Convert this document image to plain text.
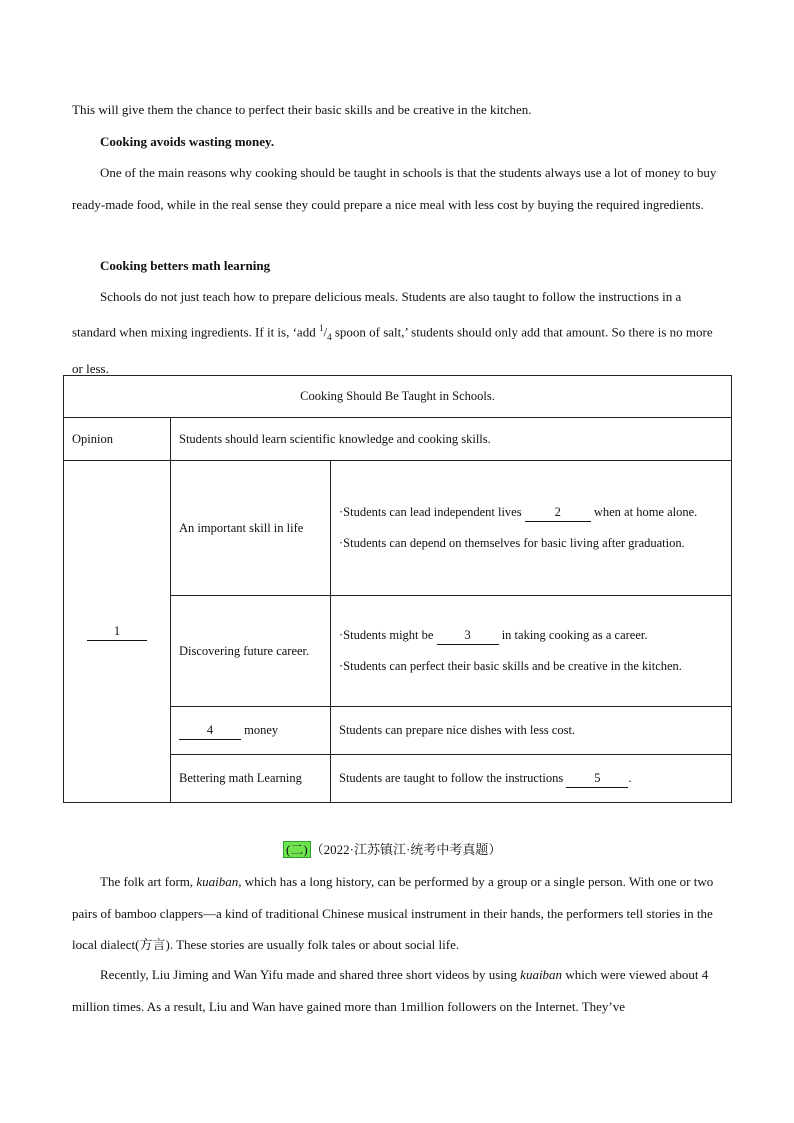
This will give them the chance to perfect their basic skills and be creative in the kitchen.

Cooking avoids wasting money.

One of the main reasons why cooking should be taught in schools is that the students always use a lot of money to buy ready-made food, while in the real sense they could prepare a nice meal with less cost by buying the required ingredients.

Cooking betters math learning

Schools do not just teach how to prepare delicious meals. Students are also taught to follow the instructions in a standard when mixing ingredients. If it is, ‘add $^1/_4$ spoon of salt,’ students should only add that amount. So there is no more or less.

Cooking Should Be Taught in Schools.		
Opinion	Students should learn scientific knowledge and cooking skills.	
1	An important skill in life	·Students can lead independent lives 2 when at home alone.
·Students can depend on themselves for basic living after graduation.

	Discovering future career.	·Students might be 3 in taking cooking as a career.
·Students can perfect their basic skills and be creative in the kitchen.

	4 money	Students can prepare nice dishes with less cost.
	Bettering math Learning	Students are taught to follow the instructions 5 .
(二) （2022·江苏镇江·统考中考真题）

The folk art form, kuaiban, which has a long history, can be performed by a group or a single person. With one or two pairs of bamboo clappers—a kind of traditional Chinese musical instrument in their hands, the performers tell stories in the local dialect(方言). These stories are usually folk tales or about social life.

Recently, Liu Jiming and Wan Yifu made and shared three short videos by using kuaiban which were viewed about 4 million times. As a result, Liu and Wan have gained more than 1million followers on the Internet. They’ve
